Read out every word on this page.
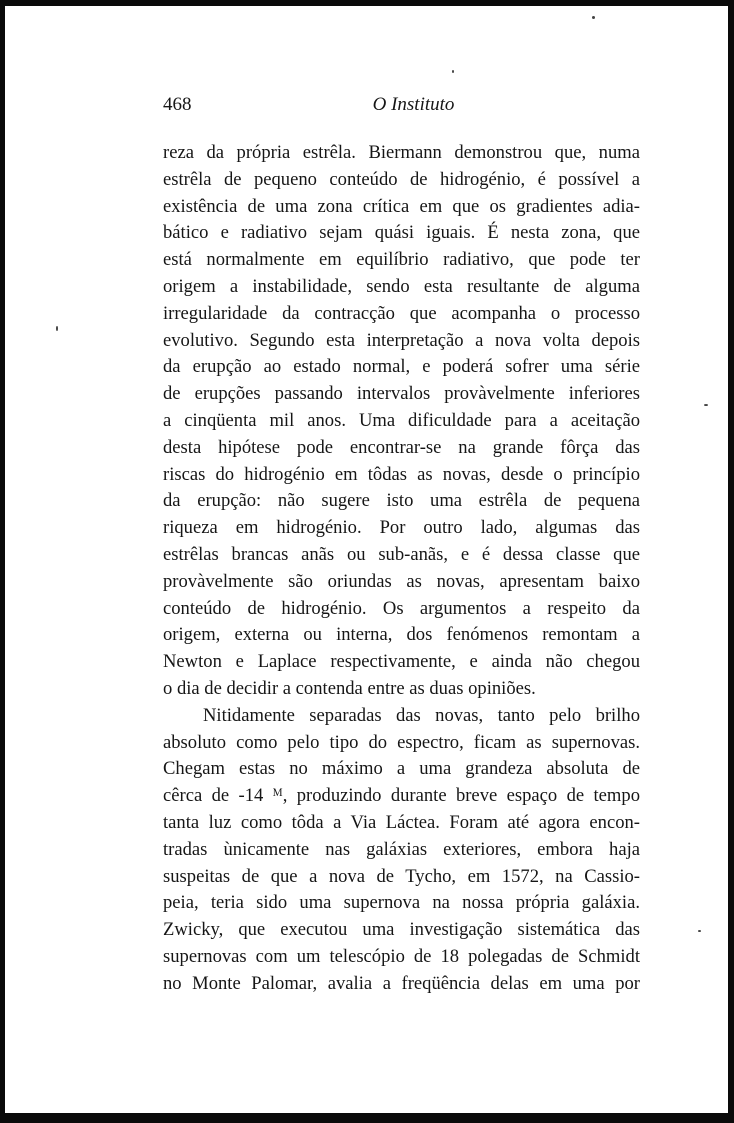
468	O Instituto
reza da própria estrêla. Biermann demonstrou que, numa
estrêla de pequeno conteúdo de hidrogénio, é possível a
existência de uma zona crítica em que os gradientes adia-
bático e radiativo sejam quási iguais. É nesta zona, que
está normalmente em equilíbrio radiativo, que pode ter
origem a instabilidade, sendo esta resultante de alguma
irregularidade da contracção que acompanha o processo
evolutivo. Segundo esta interpretação a nova volta depois
da erupção ao estado normal, e poderá sofrer uma série
de erupções passando intervalos provàvelmente inferiores
a cinqüenta mil anos. Uma dificuldade para a aceitação
desta hipótese pode encontrar-se na grande fôrça das
riscas do hidrogénio em tôdas as novas, desde o princípio
da erupção: não sugere isto uma estrêla de pequena
riqueza em hidrogénio. Por outro lado, algumas das
estrêlas brancas anãs ou sub-anãs, e é dessa classe que
provàvelmente são oriundas as novas, apresentam baixo
conteúdo de hidrogénio. Os argumentos a respeito da
origem, externa ou interna, dos fenómenos remontam a
Newton e Laplace respectivamente, e ainda não chegou
o dia de decidir a contenda entre as duas opiniões.
Nitidamente separadas das novas, tanto pelo brilho
absoluto como pelo tipo do espectro, ficam as supernovas.
Chegam estas no máximo a uma grandeza absoluta de
cêrca de -14 ᴹ, produzindo durante breve espaço de tempo
tanta luz como tôda a Via Láctea. Foram até agora encon-
tradas ùnicamente nas galáxias exteriores, embora haja
suspeitas de que a nova de Tycho, em 1572, na Cassio-
peia, teria sido uma supernova na nossa própria galáxia.
Zwicky, que executou uma investigação sistemática das
supernovas com um telescópio de 18 polegadas de Schmidt
no Monte Palomar, avalia a freqüência delas em uma por
